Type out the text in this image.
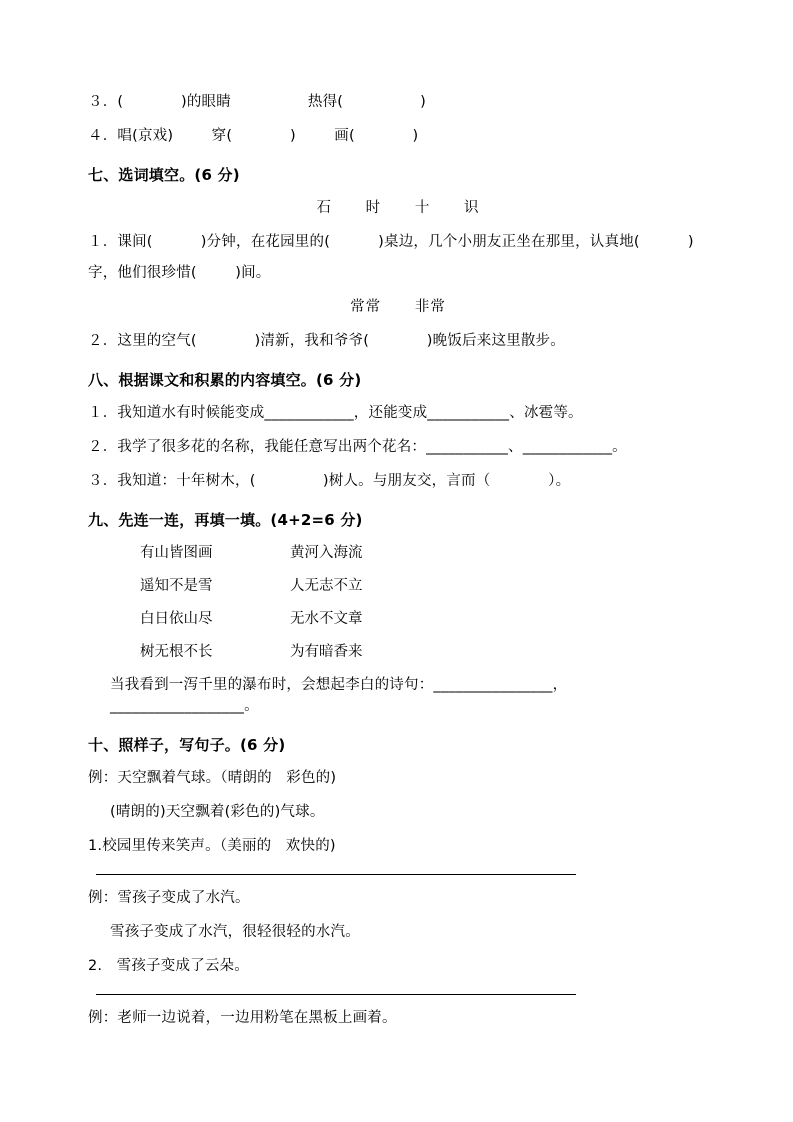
３．(            )的眼睛                热得(                )
４．唱(京戏)        穿(            )        画(            )
七、选词填空。(6 分)
石      时      十      识
１．课间(          )分钟，在花园里的(          )桌边，几个小朋友正坐在那里，认真地(          )
字，他们很珍惜(        )间。
常常      非常
２．这里的空气(            )清新，我和爷爷(            )晚饭后来这里散步。
八、根据课文和积累的内容填空。(6 分)
１．我知道水有时候能变成____________，还能变成___________、冰雹等。
２．我学了很多花的名称，我能任意写出两个花名：___________、____________。
３．我知道：十年树木，(              )树人。与朋友交，言而（            ）。
九、先连一连，再填一填。(4+2=6 分)
有山皆图画	黄河入海流
遥知不是雪	人无志不立
白日依山尽	无水不文章
树无根不长	为有暗香来
当我看到一泻千里的瀑布时，会想起李白的诗句：________________，__________________。
十、照样子，写句子。(6 分)
例：天空飘着气球。（晴朗的   彩色的)
(晴朗的)天空飘着(彩色的)气球。
1.校园里传来笑声。（美丽的   欢快的)
例：雪孩子变成了水汽。
雪孩子变成了水汽，很轻很轻的水汽。
2.   雪孩子变成了云朵。
例：老师一边说着，一边用粉笔在黑板上画着。
